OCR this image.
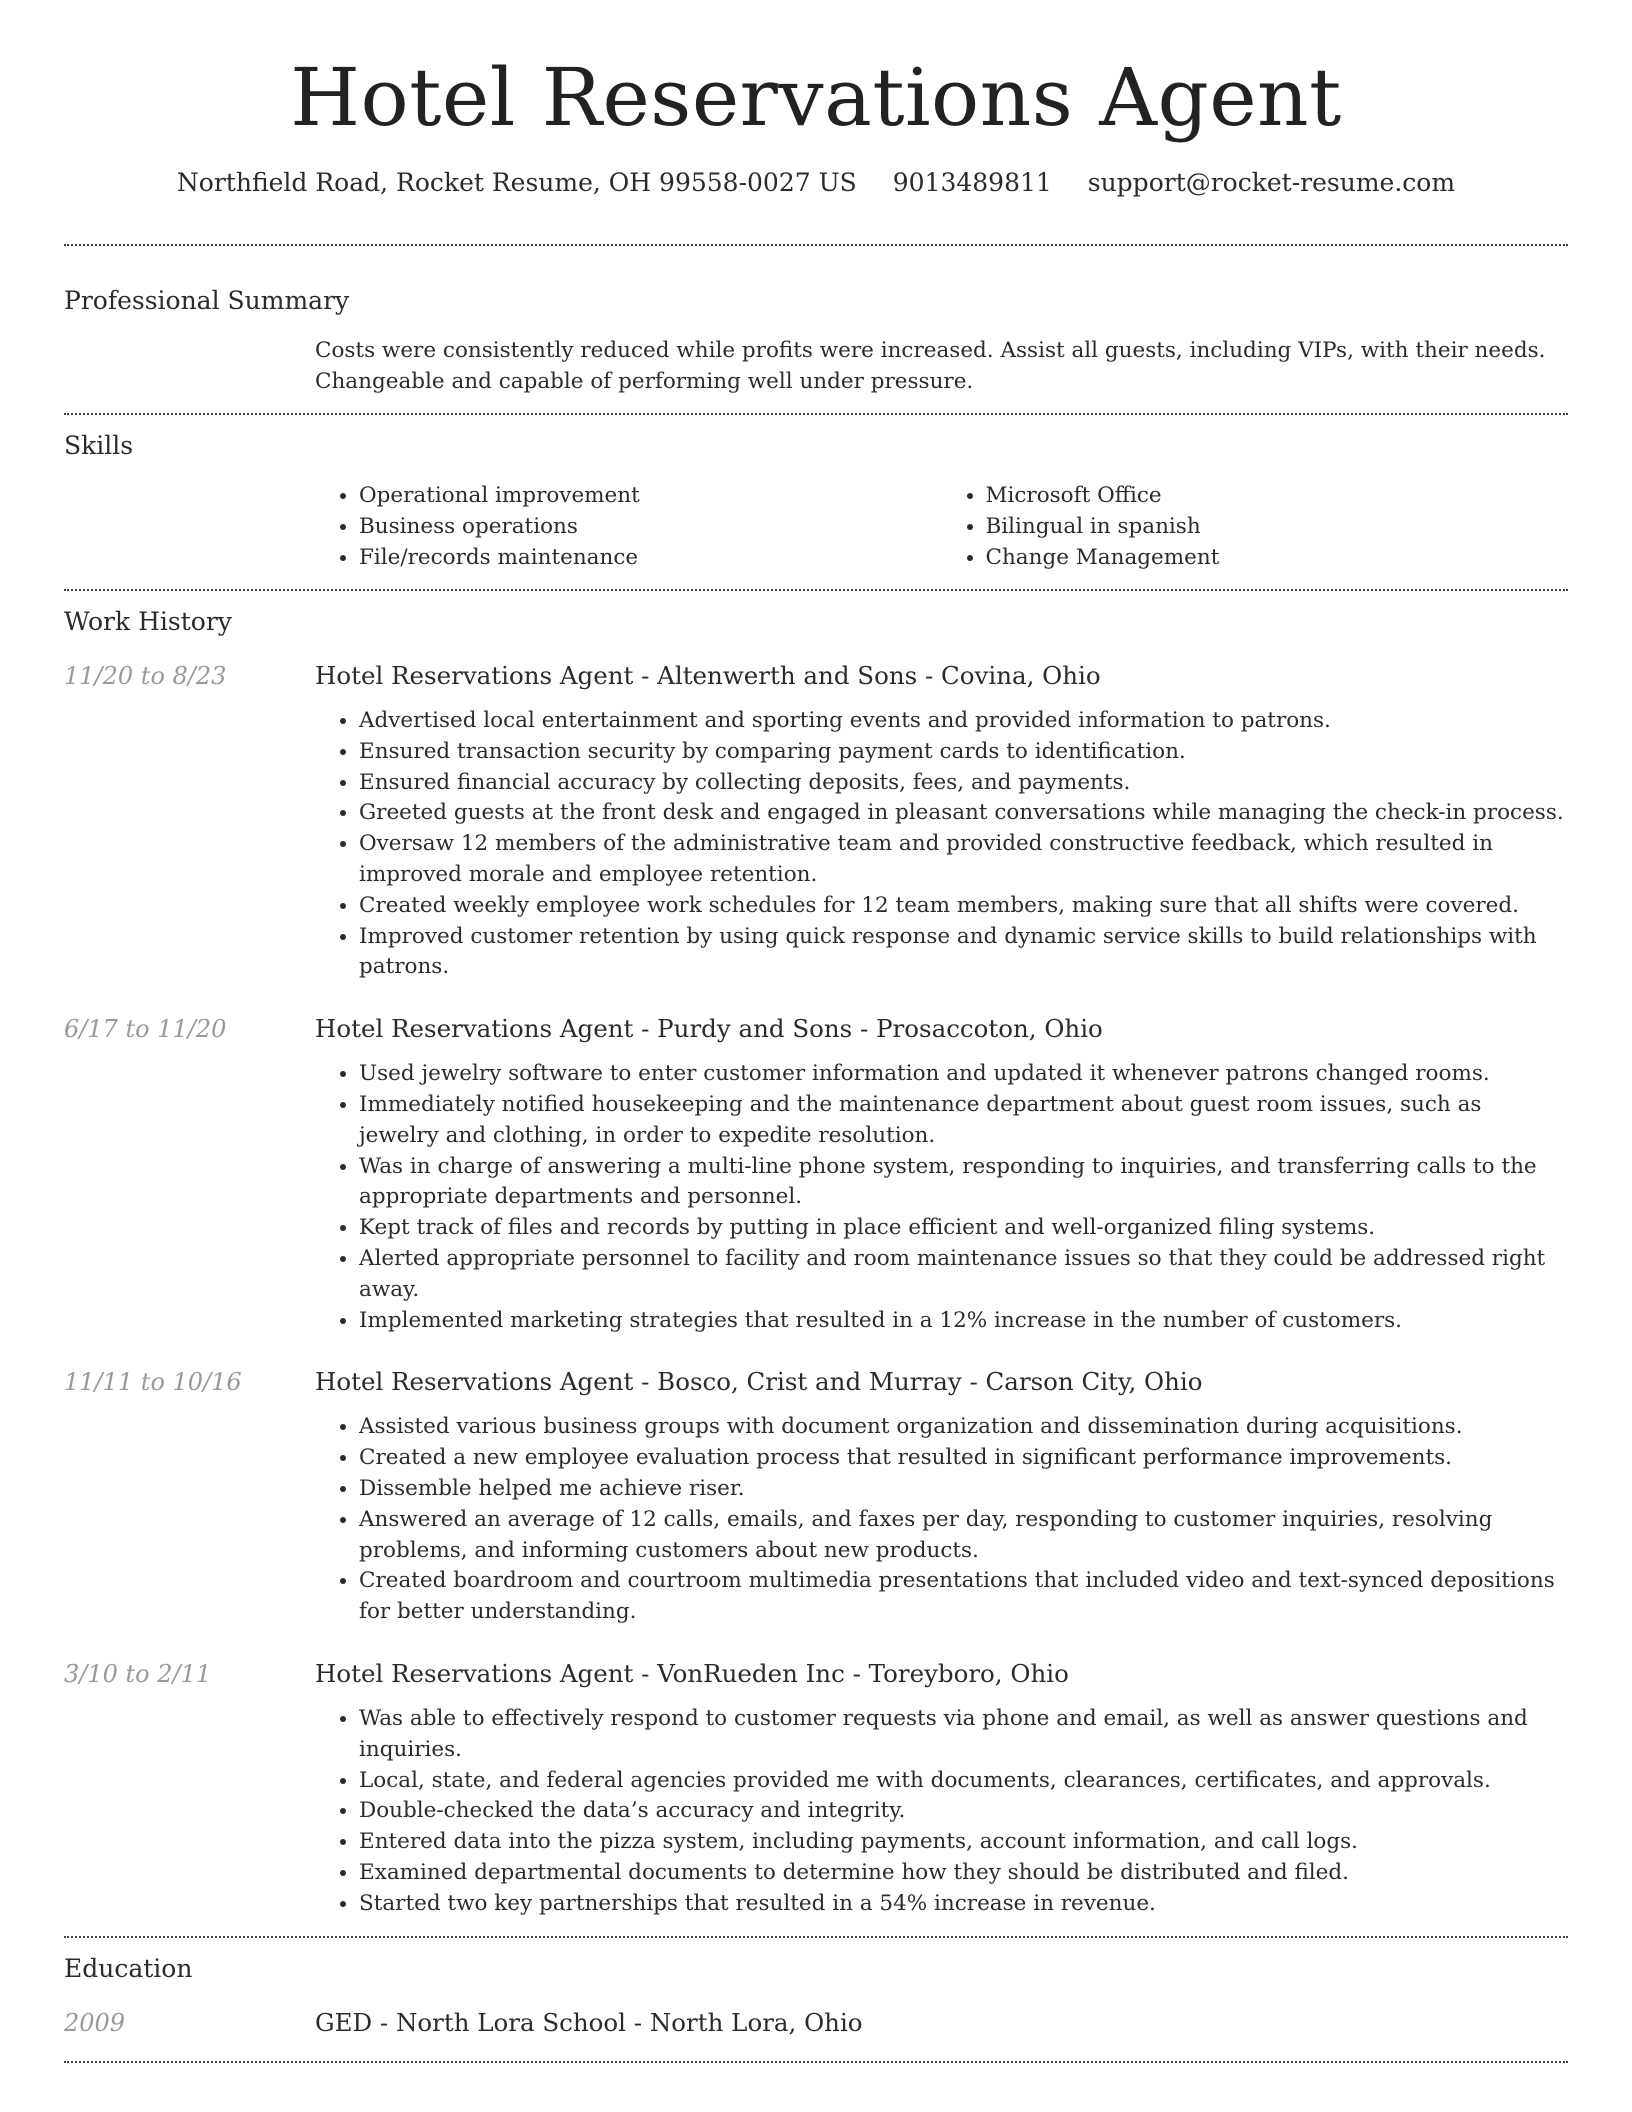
Hotel Reservations Agent
Northfield Road, Rocket Resume, OH 99558-0027 US 9013489811 support@rocket-resume.com
Professional Summary
Costs were consistently reduced while profits were increased. Assist all guests, including VIPs, with their needs. Changeable and capable of performing well under pressure.
Skills
• Operational improvement
• Business operations
• File/records maintenance
• Microsoft Office
• Bilingual in spanish
• Change Management
Work History
11/20 to 8/23	Hotel Reservations Agent - Altenwerth and Sons - Covina, Ohio
• Advertised local entertainment and sporting events and provided information to patrons.
• Ensured transaction security by comparing payment cards to identification.
• Ensured financial accuracy by collecting deposits, fees, and payments.
• Greeted guests at the front desk and engaged in pleasant conversations while managing the check-in process.
• Oversaw 12 members of the administrative team and provided constructive feedback, which resulted in improved morale and employee retention.
• Created weekly employee work schedules for 12 team members, making sure that all shifts were covered.
• Improved customer retention by using quick response and dynamic service skills to build relationships with patrons.
6/17 to 11/20	Hotel Reservations Agent - Purdy and Sons - Prosaccoton, Ohio
• Used jewelry software to enter customer information and updated it whenever patrons changed rooms.
• Immediately notified housekeeping and the maintenance department about guest room issues, such as jewelry and clothing, in order to expedite resolution.
• Was in charge of answering a multi-line phone system, responding to inquiries, and transferring calls to the appropriate departments and personnel.
• Kept track of files and records by putting in place efficient and well-organized filing systems.
• Alerted appropriate personnel to facility and room maintenance issues so that they could be addressed right away.
• Implemented marketing strategies that resulted in a 12% increase in the number of customers.
11/11 to 10/16	Hotel Reservations Agent - Bosco, Crist and Murray - Carson City, Ohio
• Assisted various business groups with document organization and dissemination during acquisitions.
• Created a new employee evaluation process that resulted in significant performance improvements.
• Dissemble helped me achieve riser.
• Answered an average of 12 calls, emails, and faxes per day, responding to customer inquiries, resolving problems, and informing customers about new products.
• Created boardroom and courtroom multimedia presentations that included video and text-synced depositions for better understanding.
3/10 to 2/11	Hotel Reservations Agent - VonRueden Inc - Toreyboro, Ohio
• Was able to effectively respond to customer requests via phone and email, as well as answer questions and inquiries.
• Local, state, and federal agencies provided me with documents, clearances, certificates, and approvals.
• Double-checked the data’s accuracy and integrity.
• Entered data into the pizza system, including payments, account information, and call logs.
• Examined departmental documents to determine how they should be distributed and filed.
• Started two key partnerships that resulted in a 54% increase in revenue.
Education
2009	GED - North Lora School - North Lora, Ohio
